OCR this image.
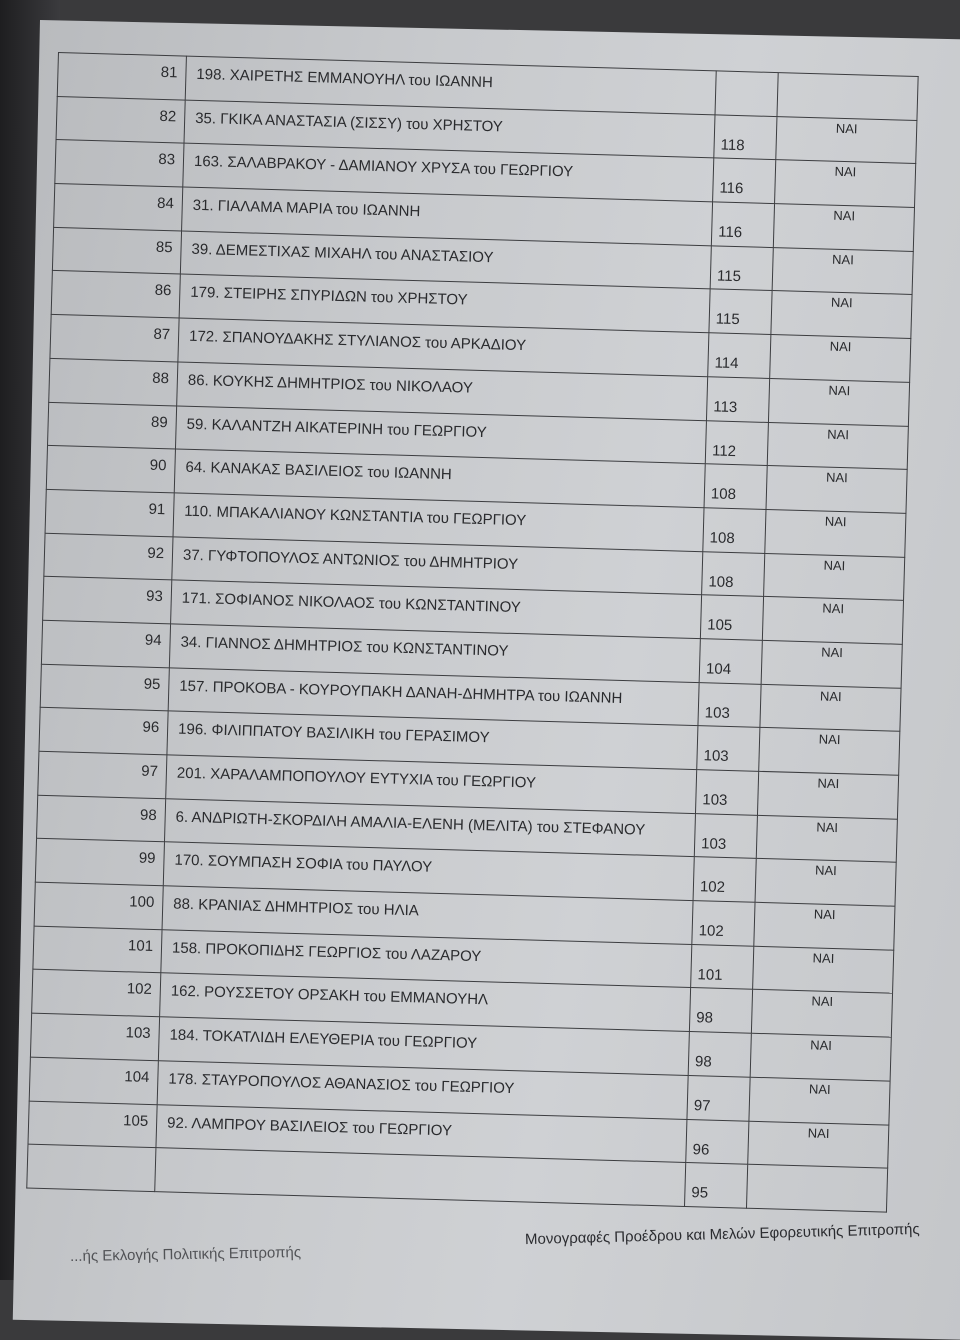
81	198. ΧΑΙΡΕΤΗΣ ΕΜΜΑΝΟΥΗΛ του ΙΩΑΝΝΗ		
82	35. ΓΚΙΚΑ ΑΝΑΣΤΑΣΙΑ (ΣΙΣΣΥ) του ΧΡΗΣΤΟΥ	118	ΝΑΙ
83	163. ΣΑΛΑΒΡΑΚΟΥ - ΔΑΜΙΑΝΟΥ ΧΡΥΣΑ του ΓΕΩΡΓΙΟΥ	116	ΝΑΙ
84	31. ΓΙΑΛΑΜΑ ΜΑΡΙΑ του ΙΩΑΝΝΗ	116	ΝΑΙ
85	39. ΔΕΜΕΣΤΙΧΑΣ ΜΙΧΑΗΛ του ΑΝΑΣΤΑΣΙΟΥ	115	ΝΑΙ
86	179. ΣΤΕΙΡΗΣ ΣΠΥΡΙΔΩΝ του ΧΡΗΣΤΟΥ	115	ΝΑΙ
87	172. ΣΠΑΝΟΥΔΑΚΗΣ ΣΤΥΛΙΑΝΟΣ του ΑΡΚΑΔΙΟΥ	114	ΝΑΙ
88	86. ΚΟΥΚΗΣ ΔΗΜΗΤΡΙΟΣ του ΝΙΚΟΛΑΟΥ	113	ΝΑΙ
89	59. ΚΑΛΑΝΤΖΗ ΑΙΚΑΤΕΡΙΝΗ του ΓΕΩΡΓΙΟΥ	112	ΝΑΙ
90	64. ΚΑΝΑΚΑΣ ΒΑΣΙΛΕΙΟΣ του ΙΩΑΝΝΗ	108	ΝΑΙ
91	110. ΜΠΑΚΑΛΙΑΝΟΥ ΚΩΝΣΤΑΝΤΙΑ του ΓΕΩΡΓΙΟΥ	108	ΝΑΙ
92	37. ΓΥΦΤΟΠΟΥΛΟΣ ΑΝΤΩΝΙΟΣ του ΔΗΜΗΤΡΙΟΥ	108	ΝΑΙ
93	171. ΣΟΦΙΑΝΟΣ ΝΙΚΟΛΑΟΣ του ΚΩΝΣΤΑΝΤΙΝΟΥ	105	ΝΑΙ
94	34. ΓΙΑΝΝΟΣ ΔΗΜΗΤΡΙΟΣ του ΚΩΝΣΤΑΝΤΙΝΟΥ	104	ΝΑΙ
95	157. ΠΡΟΚΟΒΑ - ΚΟΥΡΟΥΠΑΚΗ ΔΑΝΑΗ-ΔΗΜΗΤΡΑ του ΙΩΑΝΝΗ	103	ΝΑΙ
96	196. ΦΙΛΙΠΠΑΤΟΥ ΒΑΣΙΛΙΚΗ του ΓΕΡΑΣΙΜΟΥ	103	ΝΑΙ
97	201. ΧΑΡΑΛΑΜΠΟΠΟΥΛΟΥ ΕΥΤΥΧΙΑ του ΓΕΩΡΓΙΟΥ	103	ΝΑΙ
98	6. ΑΝΔΡΙΩΤΗ-ΣΚΟΡΔΙΛΗ ΑΜΑΛΙΑ-ΕΛΕΝΗ (ΜΕΛΙΤΑ) του ΣΤΕΦΑΝΟΥ	103	ΝΑΙ
99	170. ΣΟΥΜΠΑΣΗ ΣΟΦΙΑ του ΠΑΥΛΟΥ	102	ΝΑΙ
100	88. ΚΡΑΝΙΑΣ ΔΗΜΗΤΡΙΟΣ του ΗΛΙΑ	102	ΝΑΙ
101	158. ΠΡΟΚΟΠΙΔΗΣ ΓΕΩΡΓΙΟΣ του ΛΑΖΑΡΟΥ	101	ΝΑΙ
102	162. ΡΟΥΣΣΕΤΟΥ ΟΡΣΑΚΗ του ΕΜΜΑΝΟΥΗΛ	98	ΝΑΙ
103	184. ΤΟΚΑΤΛΙΔΗ ΕΛΕΥΘΕΡΙΑ του ΓΕΩΡΓΙΟΥ	98	ΝΑΙ
104	178. ΣΤΑΥΡΟΠΟΥΛΟΣ ΑΘΑΝΑΣΙΟΣ του ΓΕΩΡΓΙΟΥ	97	ΝΑΙ
105	92. ΛΑΜΠΡΟΥ ΒΑΣΙΛΕΙΟΣ του ΓΕΩΡΓΙΟΥ	96	ΝΑΙ
		95	
...ής Εκλογής Πολιτικής Επιτροπής
Μονογραφές Προέδρου και Μελών Εφορευτικής Επιτροπής
